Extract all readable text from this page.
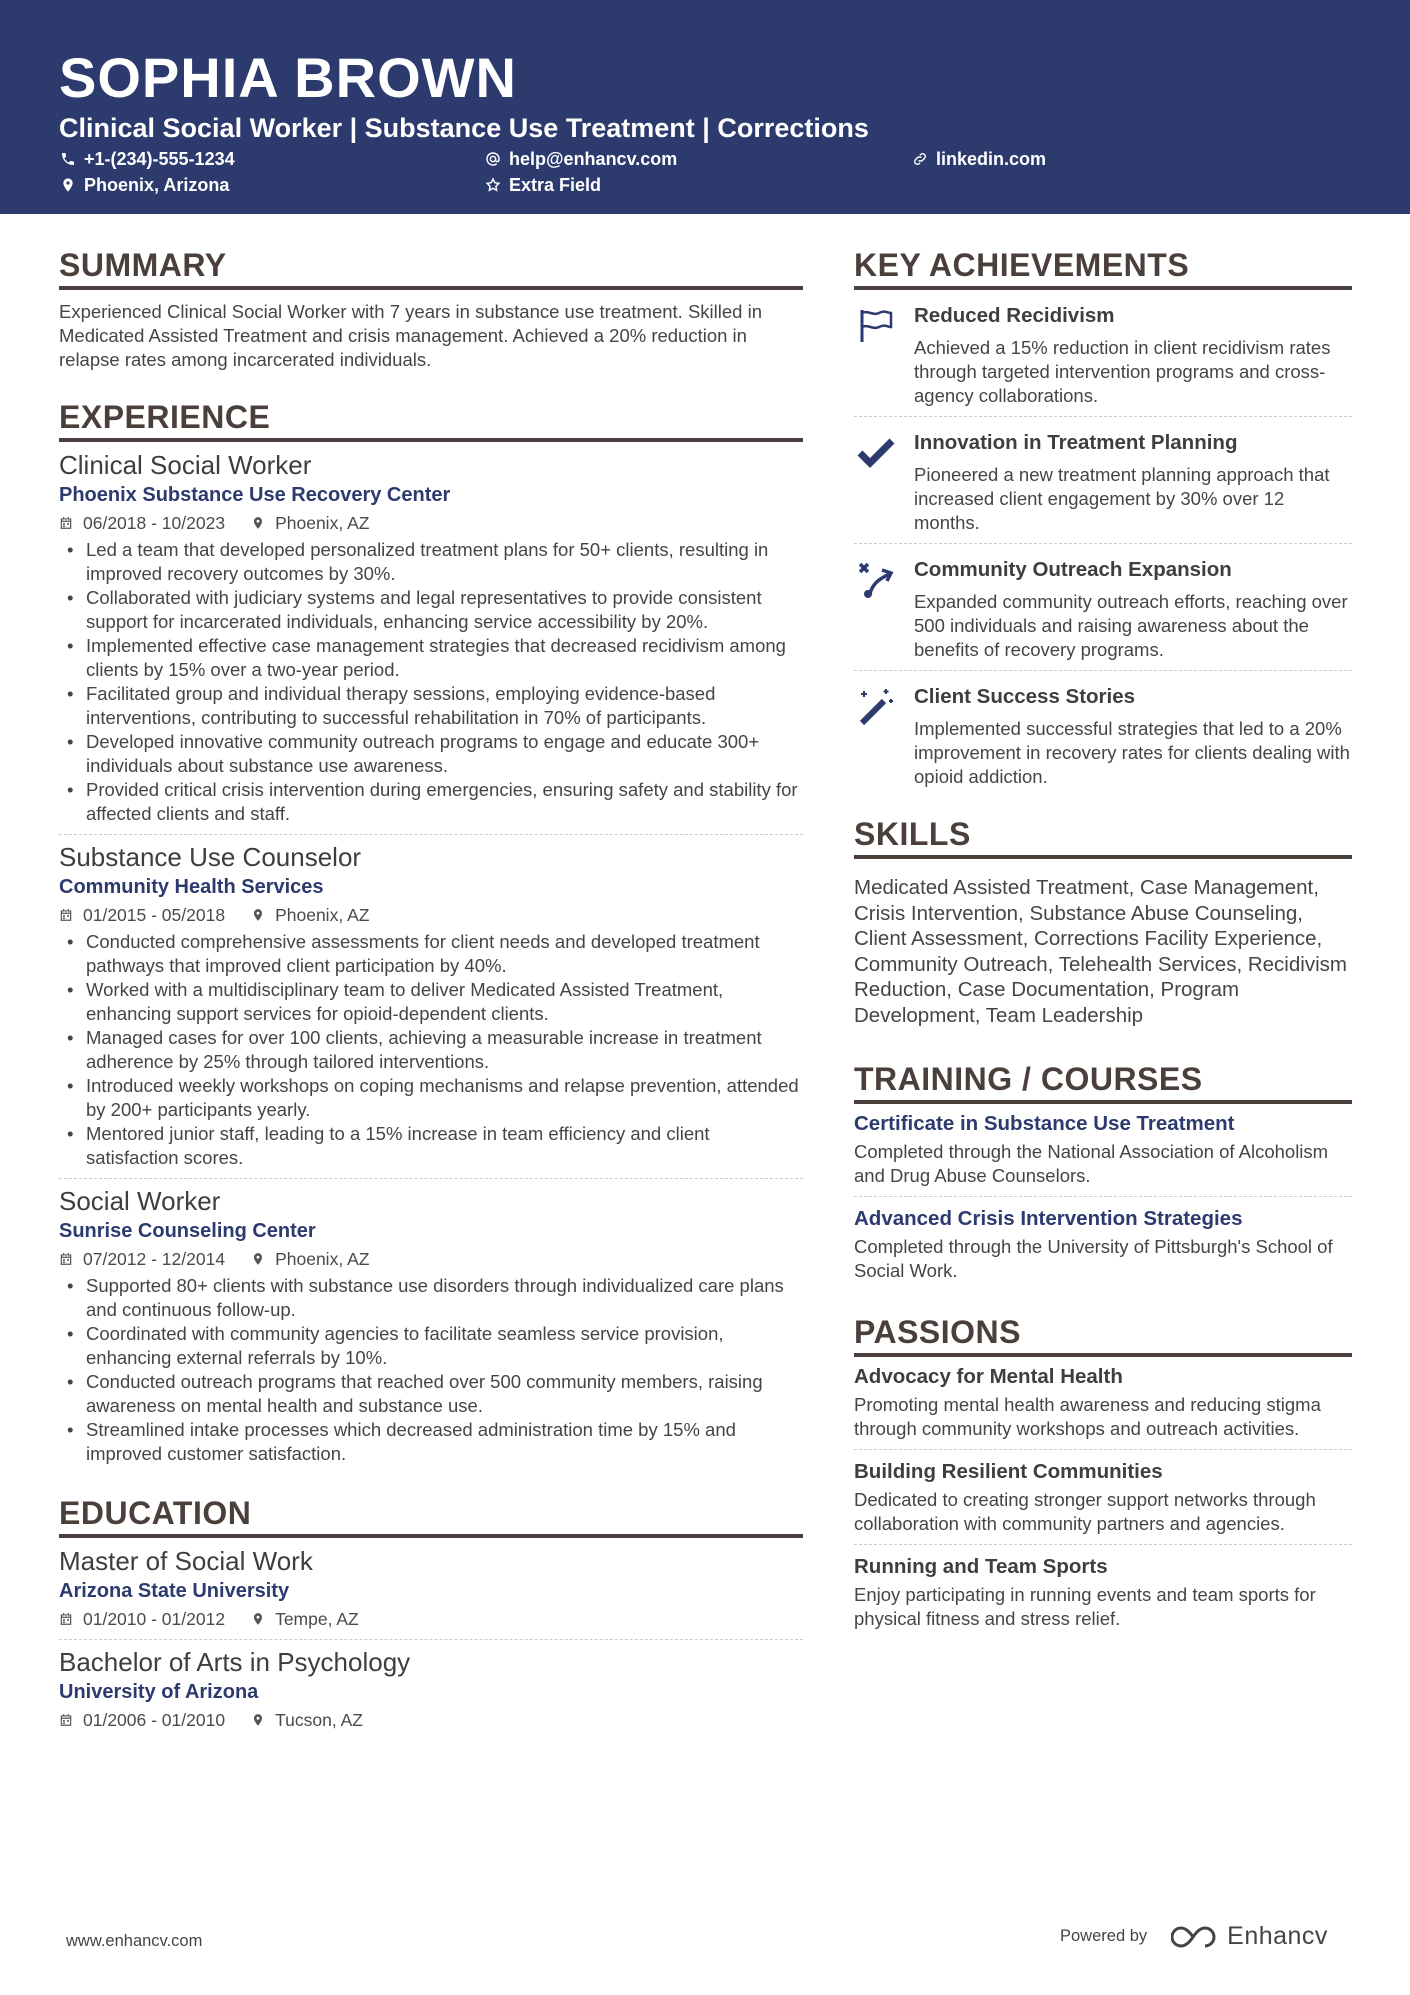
SOPHIA BROWN
Clinical Social Worker | Substance Use Treatment | Corrections
+1-(234)-555-1234	help@enhancv.com	linkedin.com
Phoenix, Arizona	Extra Field
SUMMARY
Experienced Clinical Social Worker with 7 years in substance use treatment. Skilled in Medicated Assisted Treatment and crisis management. Achieved a 20% reduction in relapse rates among incarcerated individuals.
EXPERIENCE
Clinical Social Worker
Phoenix Substance Use Recovery Center
06/2018 - 10/2023	Phoenix, AZ
• Led a team that developed personalized treatment plans for 50+ clients, resulting in improved recovery outcomes by 30%.
• Collaborated with judiciary systems and legal representatives to provide consistent support for incarcerated individuals, enhancing service accessibility by 20%.
• Implemented effective case management strategies that decreased recidivism among clients by 15% over a two-year period.
• Facilitated group and individual therapy sessions, employing evidence-based interventions, contributing to successful rehabilitation in 70% of participants.
• Developed innovative community outreach programs to engage and educate 300+ individuals about substance use awareness.
• Provided critical crisis intervention during emergencies, ensuring safety and stability for affected clients and staff.
Substance Use Counselor
Community Health Services
01/2015 - 05/2018	Phoenix, AZ
• Conducted comprehensive assessments for client needs and developed treatment pathways that improved client participation by 40%.
• Worked with a multidisciplinary team to deliver Medicated Assisted Treatment, enhancing support services for opioid-dependent clients.
• Managed cases for over 100 clients, achieving a measurable increase in treatment adherence by 25% through tailored interventions.
• Introduced weekly workshops on coping mechanisms and relapse prevention, attended by 200+ participants yearly.
• Mentored junior staff, leading to a 15% increase in team efficiency and client satisfaction scores.
Social Worker
Sunrise Counseling Center
07/2012 - 12/2014	Phoenix, AZ
• Supported 80+ clients with substance use disorders through individualized care plans and continuous follow-up.
• Coordinated with community agencies to facilitate seamless service provision, enhancing external referrals by 10%.
• Conducted outreach programs that reached over 500 community members, raising awareness on mental health and substance use.
• Streamlined intake processes which decreased administration time by 15% and improved customer satisfaction.
EDUCATION
Master of Social Work
Arizona State University
01/2010 - 01/2012	Tempe, AZ
Bachelor of Arts in Psychology
University of Arizona
01/2006 - 01/2010	Tucson, AZ
KEY ACHIEVEMENTS
Reduced Recidivism
Achieved a 15% reduction in client recidivism rates through targeted intervention programs and cross-agency collaborations.
Innovation in Treatment Planning
Pioneered a new treatment planning approach that increased client engagement by 30% over 12 months.
Community Outreach Expansion
Expanded community outreach efforts, reaching over 500 individuals and raising awareness about the benefits of recovery programs.
Client Success Stories
Implemented successful strategies that led to a 20% improvement in recovery rates for clients dealing with opioid addiction.
SKILLS
Medicated Assisted Treatment, Case Management, Crisis Intervention, Substance Abuse Counseling, Client Assessment, Corrections Facility Experience, Community Outreach, Telehealth Services, Recidivism Reduction, Case Documentation, Program Development, Team Leadership
TRAINING / COURSES
Certificate in Substance Use Treatment
Completed through the National Association of Alcoholism and Drug Abuse Counselors.
Advanced Crisis Intervention Strategies
Completed through the University of Pittsburgh's School of Social Work.
PASSIONS
Advocacy for Mental Health
Promoting mental health awareness and reducing stigma through community workshops and outreach activities.
Building Resilient Communities
Dedicated to creating stronger support networks through collaboration with community partners and agencies.
Running and Team Sports
Enjoy participating in running events and team sports for physical fitness and stress relief.
www.enhancv.com	Powered by	Enhancv
